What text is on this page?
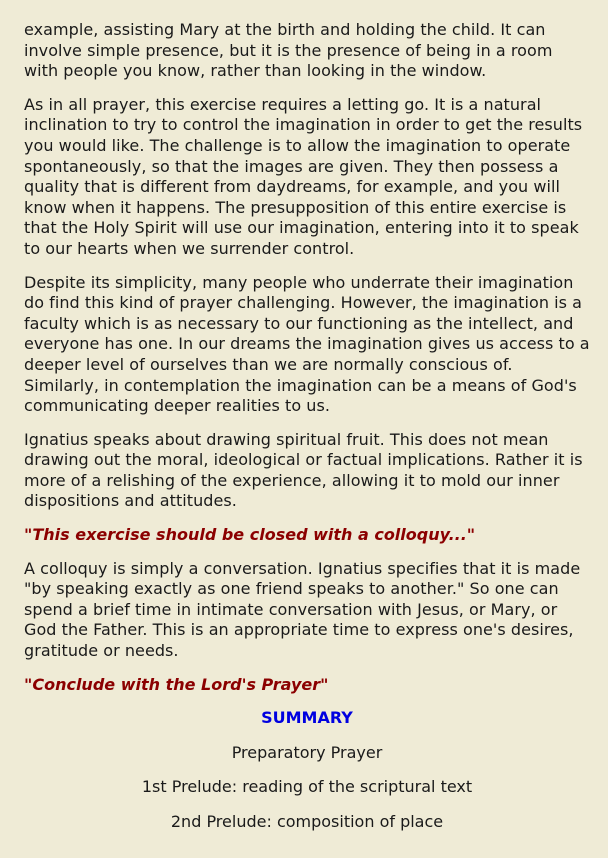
example, assisting Mary at the birth and holding the child. It can involve simple presence, but it is the presence of being in a room with people you know, rather than looking in the window.

As in all prayer, this exercise requires a letting go. It is a natural inclination to try to control the imagination in order to get the results you would like. The challenge is to allow the imagination to operate spontaneously, so that the images are given. They then possess a quality that is different from daydreams, for example, and you will know when it happens. The presupposition of this entire exercise is that the Holy Spirit will use our imagination, entering into it to speak to our hearts when we surrender control.

Despite its simplicity, many people who underrate their imagination do find this kind of prayer challenging. However, the imagination is a faculty which is as necessary to our functioning as the intellect, and everyone has one. In our dreams the imagination gives us access to a deeper level of ourselves than we are normally conscious of. Similarly, in contemplation the imagination can be a means of God's communicating deeper realities to us.

Ignatius speaks about drawing spiritual fruit. This does not mean drawing out the moral, ideological or factual implications. Rather it is more of a relishing of the experience, allowing it to mold our inner dispositions and attitudes.

"This exercise should be closed with a colloquy..."

A colloquy is simply a conversation. Ignatius specifies that it is made "by speaking exactly as one friend speaks to another." So one can spend a brief time in intimate conversation with Jesus, or Mary, or God the Father. This is an appropriate time to express one's desires, gratitude or needs.

"Conclude with the Lord's Prayer"

SUMMARY
Preparatory Prayer
1st Prelude: reading of the scriptural text
2nd Prelude: composition of place
